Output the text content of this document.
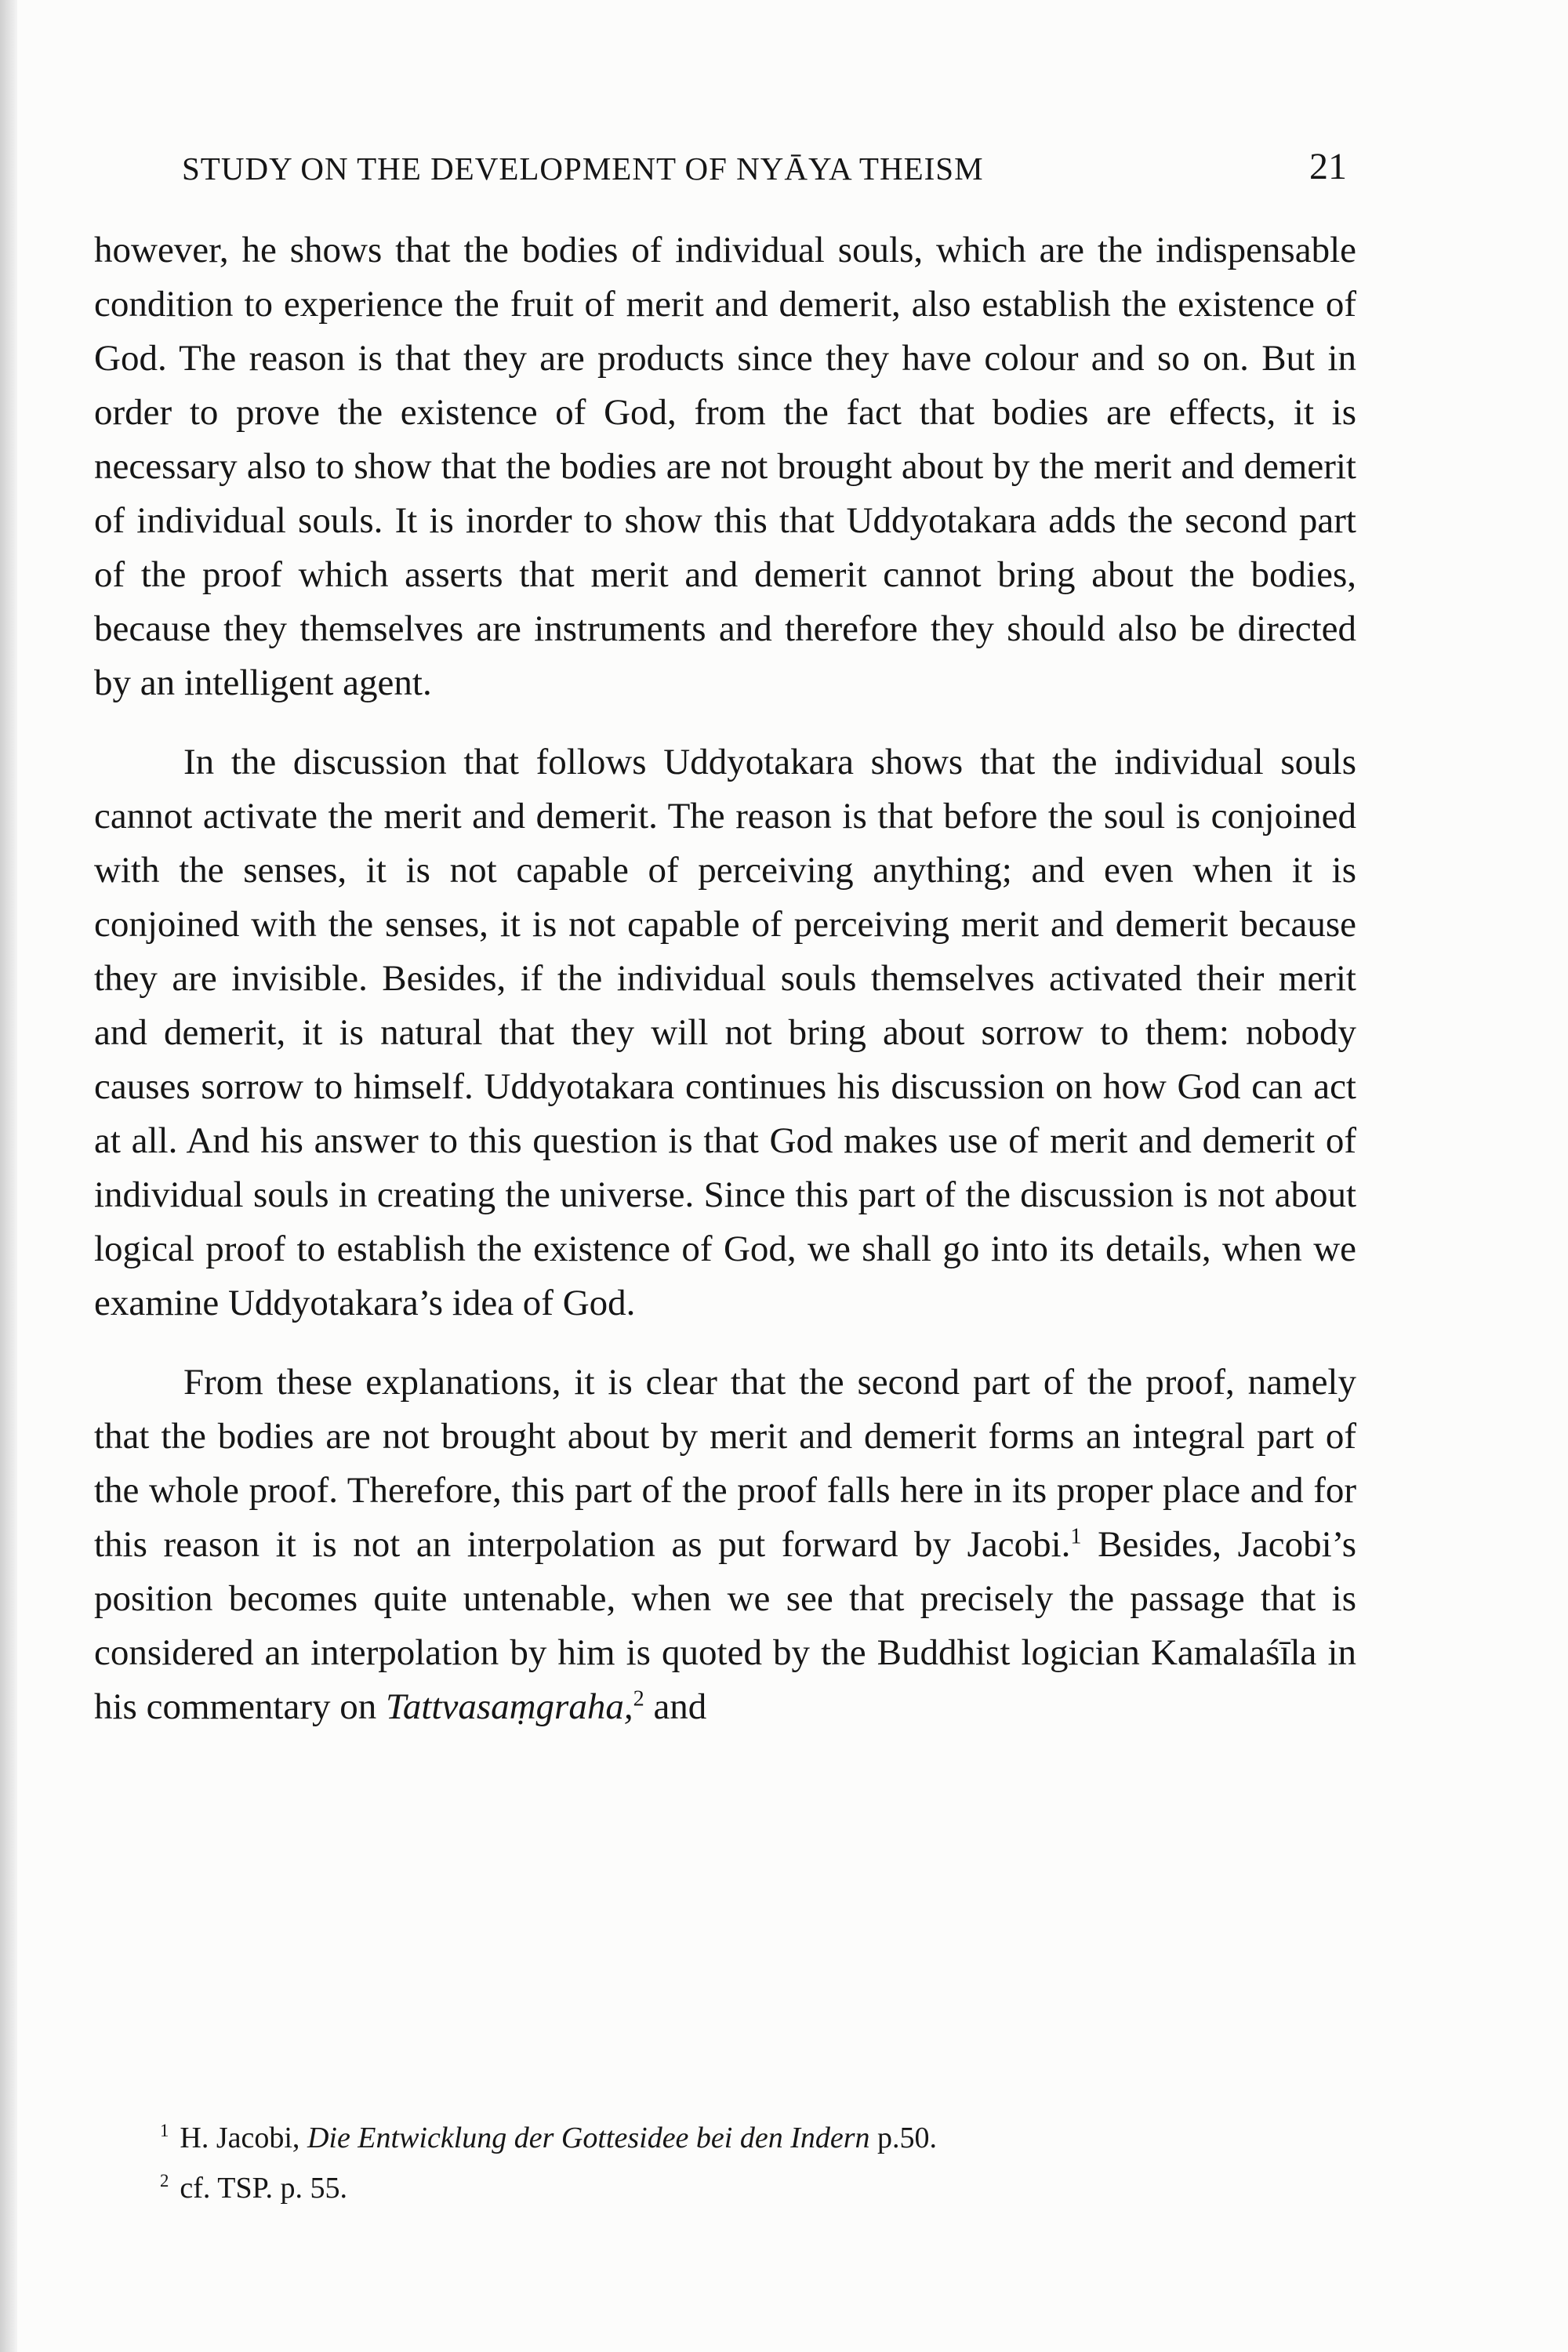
STUDY ON THE DEVELOPMENT OF NYĀYA THEISM	21

however, he shows that the bodies of individual souls, which are the indispensable condition to experience the fruit of merit and demerit, also establish the existence of God. The reason is that they are products since they have colour and so on. But in order to prove the existence of God, from the fact that bodies are effects, it is necessary also to show that the bodies are not brought about by the merit and demerit of individual souls. It is inorder to show this that Uddyotakara adds the second part of the proof which asserts that merit and demerit cannot bring about the bodies, because they themselves are instruments and therefore they should also be directed by an intelligent agent.

In the discussion that follows Uddyotakara shows that the individual souls cannot activate the merit and demerit. The reason is that before the soul is conjoined with the senses, it is not capable of perceiving anything; and even when it is conjoined with the senses, it is not capable of perceiving merit and demerit because they are invisible. Besides, if the individual souls themselves activated their merit and demerit, it is natural that they will not bring about sorrow to them: nobody causes sorrow to himself. Uddyotakara continues his discussion on how God can act at all. And his answer to this question is that God makes use of merit and demerit of individual souls in creating the universe. Since this part of the discussion is not about logical proof to establish the existence of God, we shall go into its details, when we examine Uddyotakara’s idea of God.

From these explanations, it is clear that the second part of the proof, namely that the bodies are not brought about by merit and demerit forms an integral part of the whole proof. Therefore, this part of the proof falls here in its proper place and for this reason it is not an interpolation as put forward by Jacobi.$^1$ Besides, Jacobi’s position becomes quite untenable, when we see that precisely the passage that is considered an interpolation by him is quoted by the Buddhist logician Kamalaśīla in his commentary on Tattvasaṃgraha,$^2$ and

$^1$ H. Jacobi, Die Entwicklung der Gottesidee bei den Indern p.50.

$^2$ cf. TSP. p. 55.
